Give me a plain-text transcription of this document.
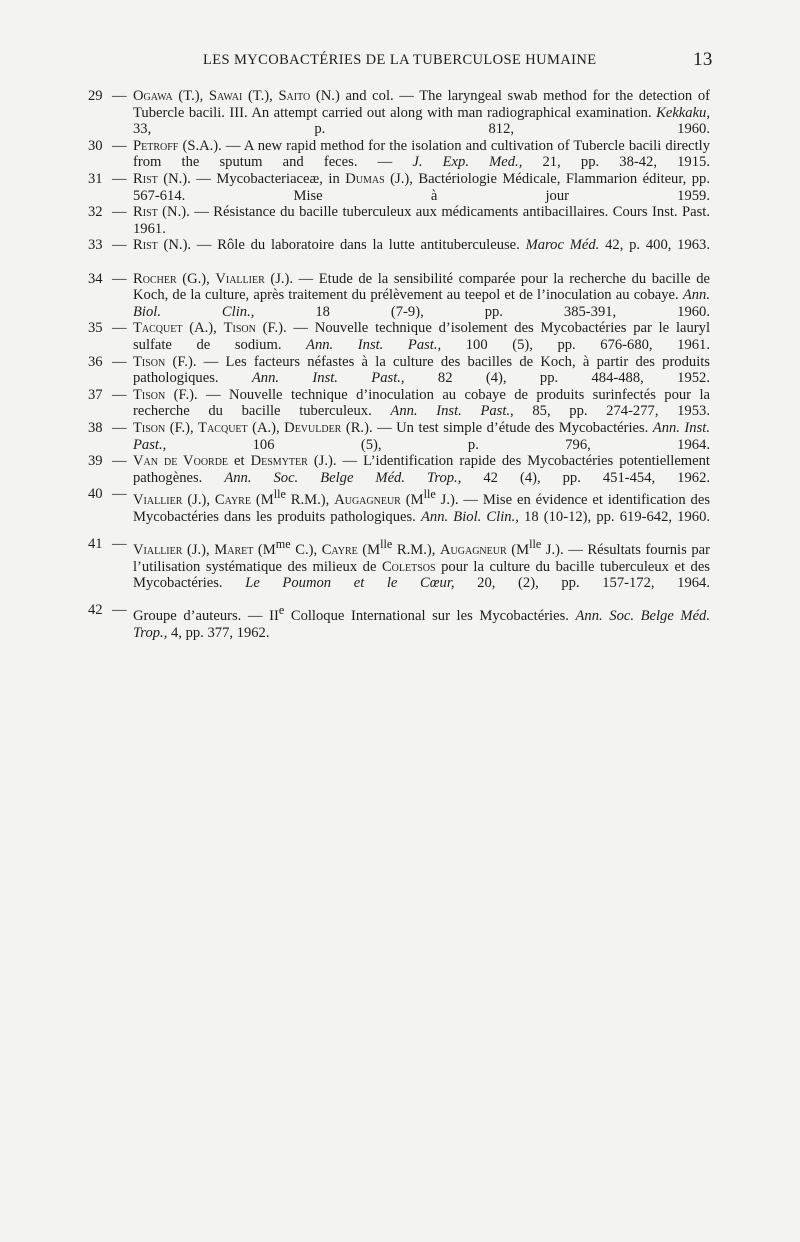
LES MYCOBACTÉRIES DE LA TUBERCULOSE HUMAINE	13
29 — Ogawa (T.), Sawai (T.), Saito (N.) and col. — The laryngeal swab method for the detection of Tubercle bacili. III. An attempt carried out along with man radiographical examination. Kekkaku, 33, p. 812, 1960.
30 — Petroff (S.A.). — A new rapid method for the isolation and cultivation of Tubercle bacili directly from the sputum and feces. — J. Exp. Med., 21, pp. 38-42, 1915.
31 — Rist (N.). — Mycobacteriaceæ, in Dumas (J.), Bactériologie Médicale, Flammarion éditeur, pp. 567-614. Mise à jour 1959.
32 — Rist (N.). — Résistance du bacille tuberculeux aux médicaments antibacillaires. Cours Inst. Past. 1961.
33 — Rist (N.). — Rôle du laboratoire dans la lutte antituberculeuse. Maroc Méd. 42, p. 400, 1963.
34 — Rocher (G.), Viallier (J.). — Etude de la sensibilité comparée pour la recherche du bacille de Koch, de la culture, après traitement du prélèvement au teepol et de l’inoculation au cobaye. Ann. Biol. Clin., 18 (7-9), pp. 385-391, 1960.
35 — Tacquet (A.), Tison (F.). — Nouvelle technique d’isolement des Mycobactéries par le lauryl sulfate de sodium. Ann. Inst. Past., 100 (5), pp. 676-680, 1961.
36 — Tison (F.). — Les facteurs néfastes à la culture des bacilles de Koch, à partir des produits pathologiques. Ann. Inst. Past., 82 (4), pp. 484-488, 1952.
37 — Tison (F.). — Nouvelle technique d’inoculation au cobaye de produits surinfectés pour la recherche du bacille tuberculeux. Ann. Inst. Past., 85, pp. 274-277, 1953.
38 — Tison (F.), Tacquet (A.), Devulder (R.). — Un test simple d’étude des Mycobactéries. Ann. Inst. Past., 106 (5), p. 796, 1964.
39 — Van de Voorde et Desmyter (J.). — L’identification rapide des Mycobactéries potentiellement pathogènes. Ann. Soc. Belge Méd. Trop., 42 (4), pp. 451-454, 1962.
40 — Viallier (J.), Cayre ($M^{lle}$ R.M.), Augagneur ($M^{lle}$ J.). — Mise en évidence et identification des Mycobactéries dans les produits pathologiques. Ann. Biol. Clin., 18 (10-12), pp. 619-642, 1960.
41 — Viallier (J.), Maret ($M^{me}$ C.), Cayre ($M^{lle}$ R.M.), Augagneur ($M^{lle}$ J.). — Résultats fournis par l’utilisation systématique des milieux de Coletsos pour la culture du bacille tuberculeux et des Mycobactéries. Le Poumon et le Cœur, 20, (2), pp. 157-172, 1964.
42 — Groupe d’auteurs. — IIe Colloque International sur les Mycobactéries. Ann. Soc. Belge Méd. Trop., 4, pp. 377, 1962.
